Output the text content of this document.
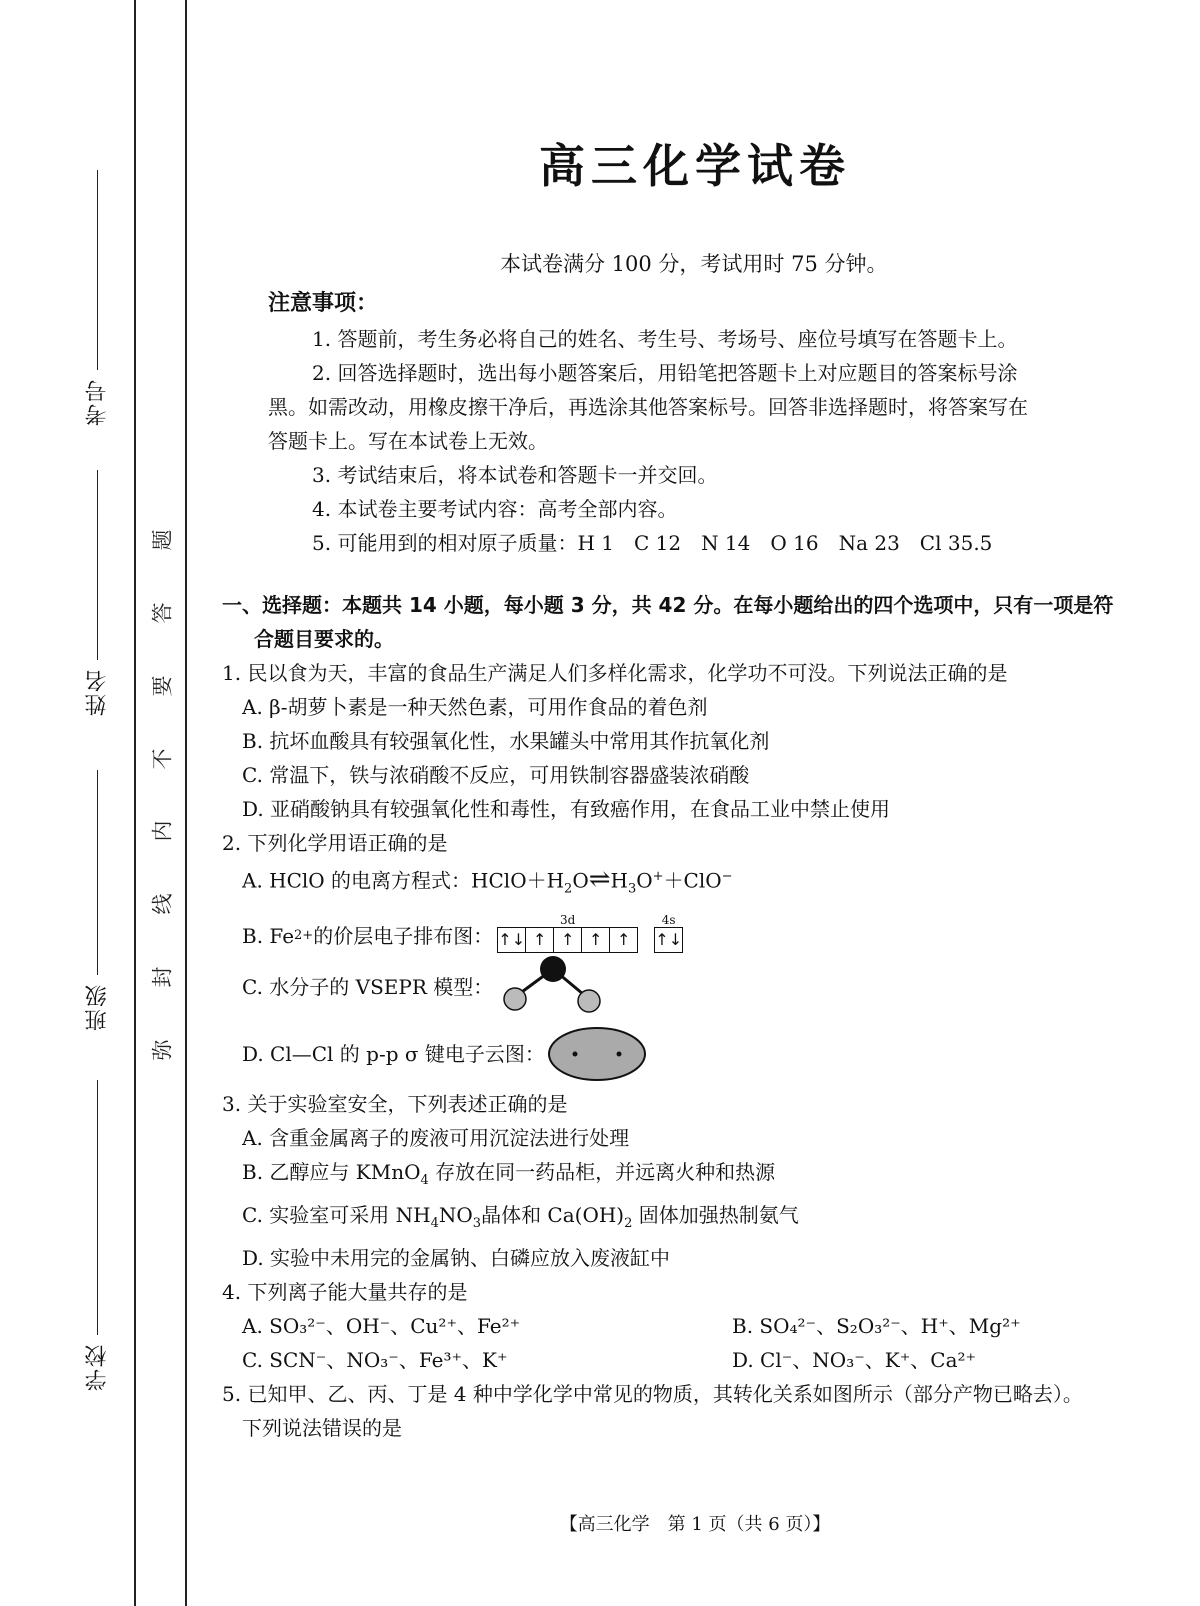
考号
姓名
班级
学校
题
答
要
不
内
线
封
弥
高三化学试卷
本试卷满分 100 分，考试用时 75 分钟。
注意事项：

1. 答题前，考生务必将自己的姓名、考生号、考场号、座位号填写在答题卡上。

2. 回答选择题时，选出每小题答案后，用铅笔把答题卡上对应题目的答案标号涂

黑。如需改动，用橡皮擦干净后，再选涂其他答案标号。回答非选择题时，将答案写在

答题卡上。写在本试卷上无效。

3. 考试结束后，将本试卷和答题卡一并交回。

4. 本试卷主要考试内容：高考全部内容。

5. 可能用到的相对原子质量：H 1　C 12　N 14　O 16　Na 23　Cl 35.5

一、选择题：本题共 14 小题，每小题 3 分，共 42 分。在每小题给出的四个选项中，只有一项是符
合题目要求的。

1. 民以食为天，丰富的食品生产满足人们多样化需求，化学功不可没。下列说法正确的是

A. β-胡萝卜素是一种天然色素，可用作食品的着色剂

B. 抗坏血酸具有较强氧化性，水果罐头中常用其作抗氧化剂

C. 常温下，铁与浓硝酸不反应，可用铁制容器盛装浓硝酸

D. 亚硝酸钠具有较强氧化性和毒性，有致癌作用，在食品工业中禁止使用

2. 下列化学用语正确的是

A. HClO 的电离方程式：$HClO+H_2O\rightleftharpoons H_3O^++ClO^-$

B. Fe 2+ 的价层电子排布图：
3d
↑↓ ↑ ↑ ↑ ↑
4s
↑↓

C. 水分子的 VSEPR 模型：

D. Cl—Cl 的 p-p σ 键电子云图：

3. 关于实验室安全，下列表述正确的是

A. 含重金属离子的废液可用沉淀法进行处理

B. 乙醇应与 KMnO$_4$ 存放在同一药品柜，并远离火种和热源

C. 实验室可采用 $NH_4NO_3$晶体和 $Ca(OH)_2$ 固体加强热制氨气

D. 实验中未用完的金属钠、白磷应放入废液缸中

4. 下列离子能大量共存的是

A. SO₃²⁻、OH⁻、Cu²⁺、Fe²⁺	B. SO₄²⁻、S₂O₃²⁻、H⁺、Mg²⁺
C. SCN⁻、NO₃⁻、Fe³⁺、K⁺	D. Cl⁻、NO₃⁻、K⁺、Ca²⁺

5. 已知甲、乙、丙、丁是 4 种中学化学中常见的物质，其转化关系如图所示（部分产物已略去）。

下列说法错误的是

【高三化学　第 1 页（共 6 页）】
